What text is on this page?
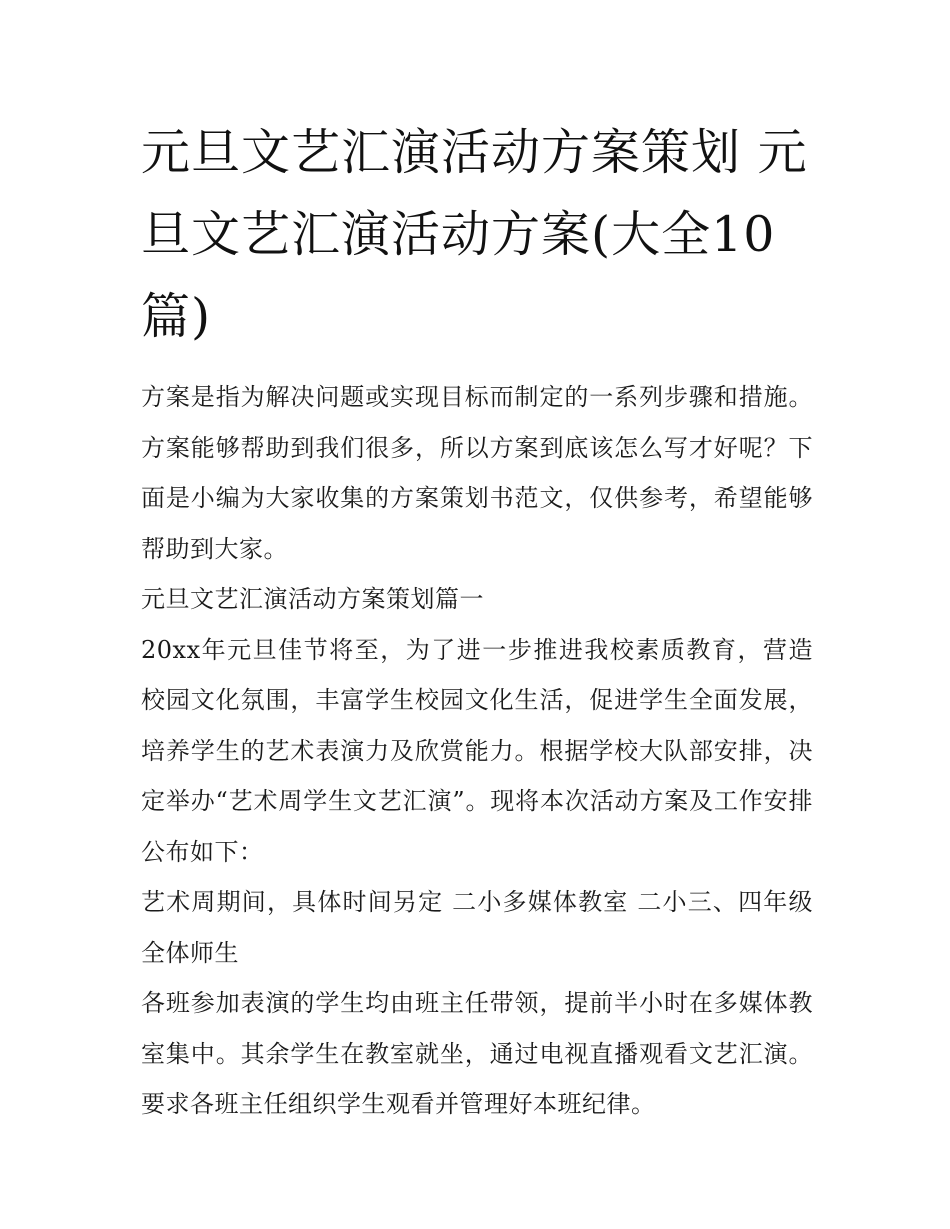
元旦文艺汇演活动方案策划 元旦文艺汇演活动方案(大全10篇)

方案是指为解决问题或实现目标而制定的一系列步骤和措施。方案能够帮助到我们很多，所以方案到底该怎么写才好呢？下面是小编为大家收集的方案策划书范文，仅供参考，希望能够帮助到大家。

元旦文艺汇演活动方案策划篇一

20xx年元旦佳节将至，为了进一步推进我校素质教育，营造校园文化氛围，丰富学生校园文化生活，促进学生全面发展，培养学生的艺术表演力及欣赏能力。根据学校大队部安排，决定举办“艺术周学生文艺汇演”。现将本次活动方案及工作安排公布如下：

艺术周期间，具体时间另定 二小多媒体教室 二小三、四年级全体师生

各班参加表演的学生均由班主任带领，提前半小时在多媒体教室集中。其余学生在教室就坐，通过电视直播观看文艺汇演。要求各班主任组织学生观看并管理好本班纪律。
